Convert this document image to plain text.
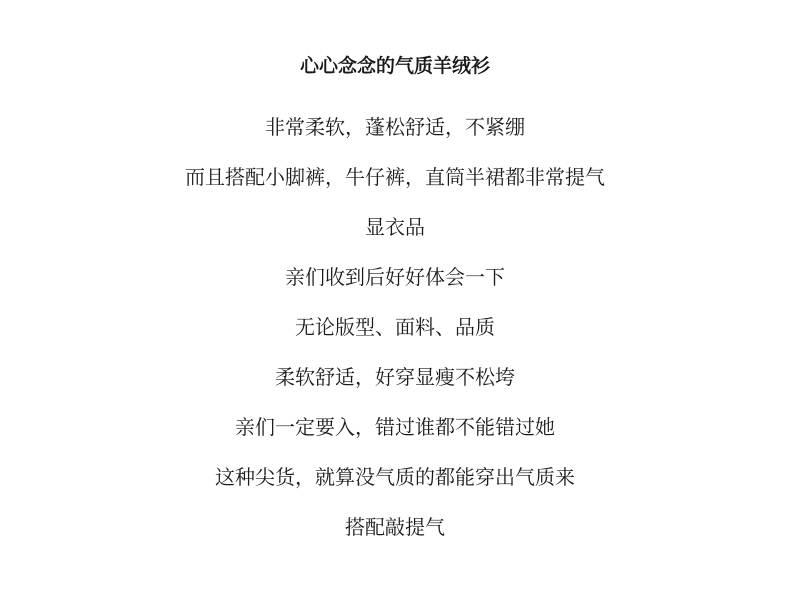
心心念念的气质羊绒衫
非常柔软，蓬松舒适，不紧绷
而且搭配小脚裤，牛仔裤，直筒半裙都非常提气
显衣品
亲们收到后好好体会一下
无论版型、面料、品质
柔软舒适，好穿显瘦不松垮
亲们一定要入，错过谁都不能错过她
这种尖货，就算没气质的都能穿出气质来
搭配敲提气
